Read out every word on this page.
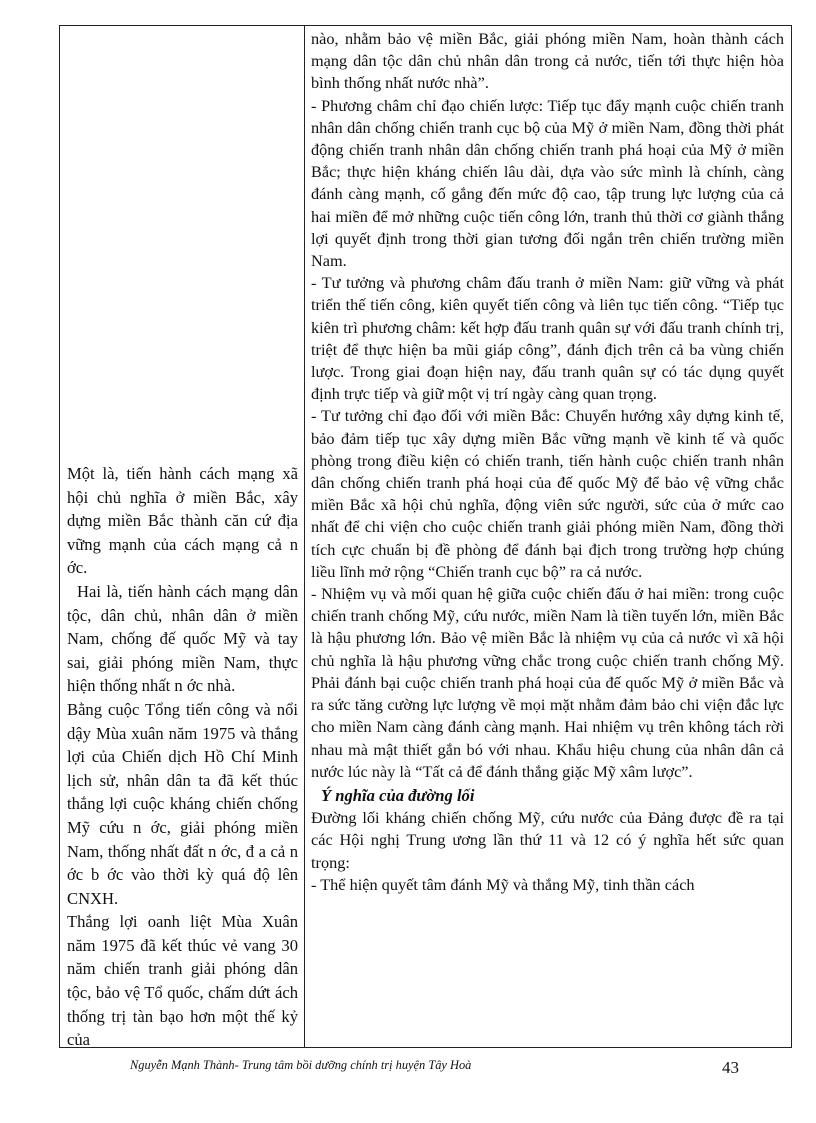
Một là, tiến hành cách mạng xã hội chủ nghĩa ở miền Bắc, xây dựng miền Bắc thành căn cứ địa vững mạnh của cách mạng cả n ớc.

Hai là, tiến hành cách mạng dân tộc, dân chủ, nhân dân ở miền Nam, chống đế quốc Mỹ và tay sai, giải phóng miền Nam, thực hiện thống nhất n ớc nhà.

Bằng cuộc Tổng tiến công và nổi dậy Mùa xuân năm 1975 và thắng lợi của Chiến dịch Hồ Chí Minh lịch sử, nhân dân ta đã kết thúc thắng lợi cuộc kháng chiến chống Mỹ cứu n ớc, giải phóng miền Nam, thống nhất đất n ớc, đ a cả n ớc b ớc vào thời kỳ quá độ lên CNXH.

Thắng lợi oanh liệt Mùa Xuân năm 1975 đã kết thúc vẻ vang 30 năm chiến tranh giải phóng dân tộc, bảo vệ Tổ quốc, chấm dứt ách thống trị tàn bạo hơn một thế kỷ của

nào, nhằm bảo vệ miền Bắc, giải phóng miền Nam, hoàn thành cách mạng dân tộc dân chủ nhân dân trong cả nước, tiến tới thực hiện hòa bình thống nhất nước nhà”.

- Phương châm chỉ đạo chiến lược: Tiếp tục đẩy mạnh cuộc chiến tranh nhân dân chống chiến tranh cục bộ của Mỹ ở miền Nam, đồng thời phát động chiến tranh nhân dân chống chiến tranh phá hoại của Mỹ ở miền Bắc; thực hiện kháng chiến lâu dài, dựa vào sức mình là chính, càng đánh càng mạnh, cố gắng đến mức độ cao, tập trung lực lượng của cả hai miền để mở những cuộc tiến công lớn, tranh thủ thời cơ giành thắng lợi quyết định trong thời gian tương đối ngắn trên chiến trường miền Nam.

- Tư tưởng và phương châm đấu tranh ở miền Nam: giữ vững và phát triển thế tiến công, kiên quyết tiến công và liên tục tiến công. “Tiếp tục kiên trì phương châm: kết hợp đấu tranh quân sự với đấu tranh chính trị, triệt để thực hiện ba mũi giáp công”, đánh địch trên cả ba vùng chiến lược. Trong giai đoạn hiện nay, đấu tranh quân sự có tác dụng quyết định trực tiếp và giữ một vị trí ngày càng quan trọng.

- Tư tưởng chỉ đạo đối với miền Bắc: Chuyển hướng xây dựng kinh tế, bảo đảm tiếp tục xây dựng miền Bắc vững mạnh về kinh tế và quốc phòng trong điều kiện có chiến tranh, tiến hành cuộc chiến tranh nhân dân chống chiến tranh phá hoại của đế quốc Mỹ để bảo vệ vững chắc miền Bắc xã hội chủ nghĩa, động viên sức người, sức của ở mức cao nhất để chi viện cho cuộc chiến tranh giải phóng miền Nam, đồng thời tích cực chuẩn bị đề phòng để đánh bại địch trong trường hợp chúng liều lĩnh mở rộng “Chiến tranh cục bộ” ra cả nước.

- Nhiệm vụ và mối quan hệ giữa cuộc chiến đấu ở hai miền: trong cuộc chiến tranh chống Mỹ, cứu nước, miền Nam là tiền tuyến lớn, miền Bắc là hậu phương lớn. Bảo vệ miền Bắc là nhiệm vụ của cả nước vì xã hội chủ nghĩa là hậu phương vững chắc trong cuộc chiến tranh chống Mỹ. Phải đánh bại cuộc chiến tranh phá hoại của đế quốc Mỹ ở miền Bắc và ra sức tăng cường lực lượng về mọi mặt nhằm đảm bảo chi viện đắc lực cho miền Nam càng đánh càng mạnh. Hai nhiệm vụ trên không tách rời nhau mà mật thiết gắn bó với nhau. Khẩu hiệu chung của nhân dân cả nước lúc này là “Tất cả để đánh thắng giặc Mỹ xâm lược”.

Ý nghĩa của đường lối

Đường lối kháng chiến chống Mỹ, cứu nước của Đảng được đề ra tại các Hội nghị Trung ương lần thứ 11 và 12 có ý nghĩa hết sức quan trọng:

- Thể hiện quyết tâm đánh Mỹ và thắng Mỹ, tinh thần cách

Nguyễn Mạnh Thành- Trung tâm bồi dưỡng chính trị huyện Tây Hoà	43
